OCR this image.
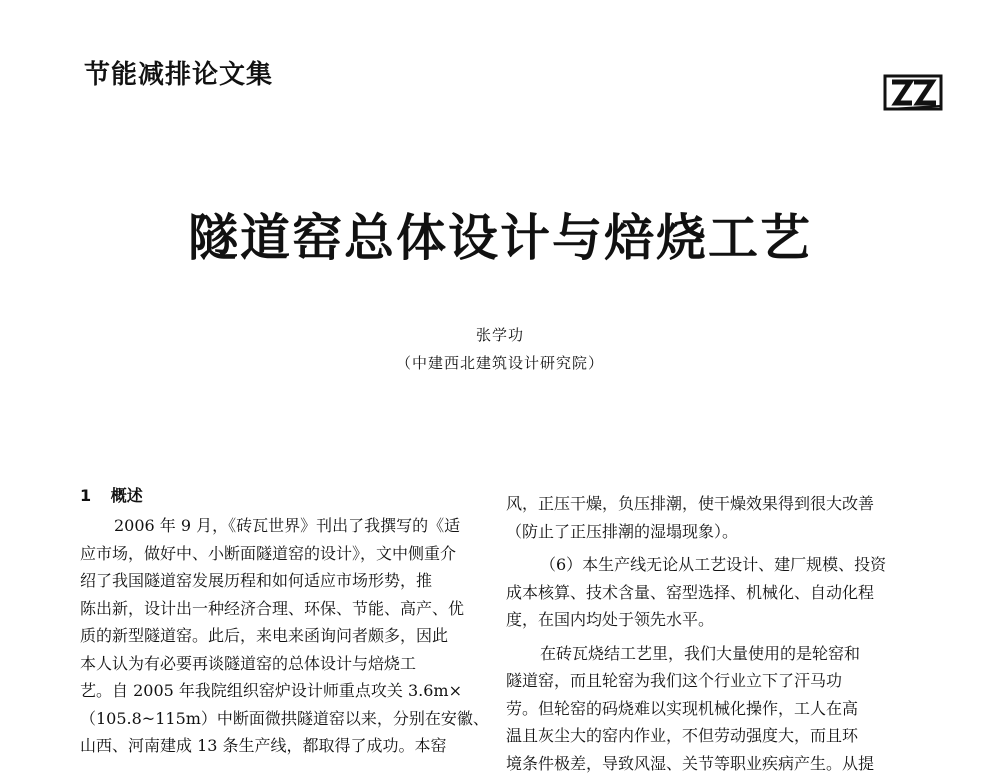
节能减排论文集
隧道窑总体设计与焙烧工艺

张学功

（中建西北建筑设计研究院）

1 概述
2006 年 9 月，《砖瓦世界》刊出了我撰写的《适
应市场，做好中、小断面隧道窑的设计》，文中侧重介
绍了我国隧道窑发展历程和如何适应市场形势，推
陈出新，设计出一种经济合理、环保、节能、高产、优
质的新型隧道窑。此后，来电来函询问者颇多，因此
本人认为有必要再谈隧道窑的总体设计与焙烧工
艺。自 2005 年我院组织窑炉设计师重点攻关 3.6m×
（105.8~115m）中断面微拱隧道窑以来，分别在安徽、
山西、河南建成 13 条生产线，都取得了成功。本窑
风，正压干燥，负压排潮，使干燥效果得到很大改善
（防止了正压排潮的湿塌现象）。
（6）本生产线无论从工艺设计、建厂规模、投资
成本核算、技术含量、窑型选择、机械化、自动化程
度，在国内均处于领先水平。
在砖瓦烧结工艺里，我们大量使用的是轮窑和
隧道窑，而且轮窑为我们这个行业立下了汗马功
劳。但轮窑的码烧难以实现机械化操作，工人在高
温且灰尘大的窑内作业，不但劳动强度大，而且环
境条件极差，导致风湿、关节等职业疾病产生。从提
